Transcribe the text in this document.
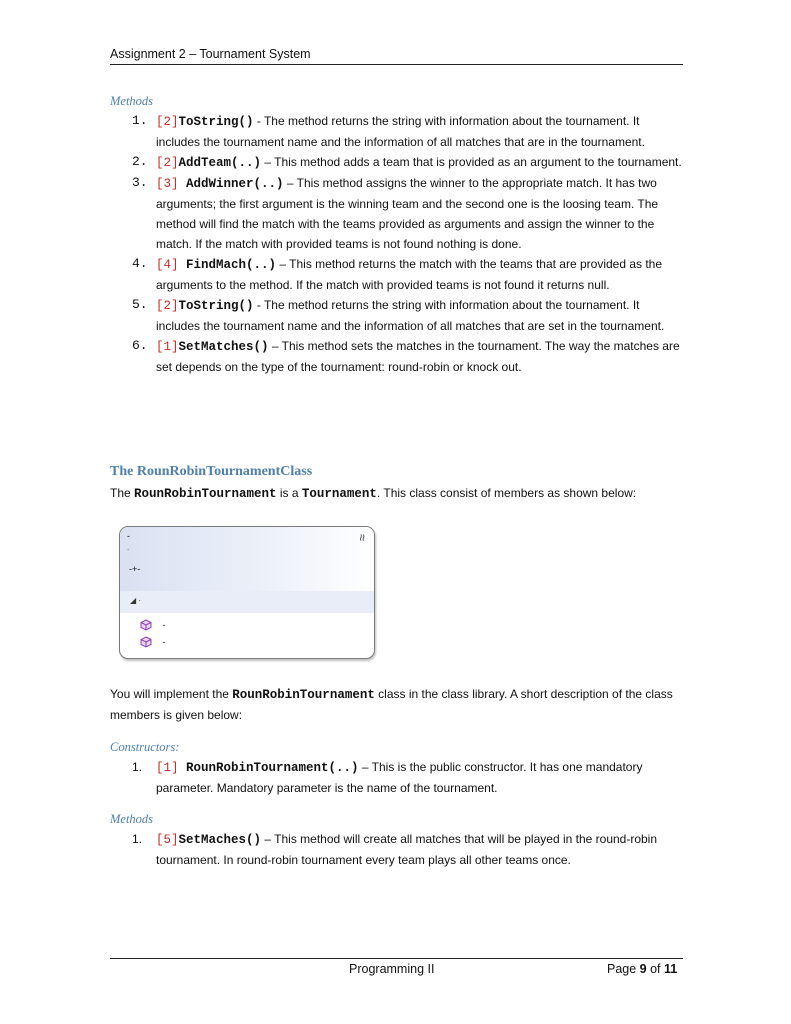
Assignment 2 – Tournament System
Methods
1. [2]ToString() - The method returns the string with information about the tournament. It includes the tournament name and the information of all matches that are in the tournament.
2. [2]AddTeam(..) – This method adds a team that is provided as an argument to the tournament.
3. [3] AddWinner(..) – This method assigns the winner to the appropriate match. It has two arguments; the first argument is the winning team and the second one is the loosing team. The method will find the match with the teams provided as arguments and assign the winner to the match. If the match with provided teams is not found nothing is done.
4. [4] FindMach(..) – This method returns the match with the teams that are provided as the arguments to the method. If the match with provided teams is not found it returns null.
5. [2]ToString() - The method returns the string with information about the tournament. It includes the tournament name and the information of all matches that are set in the tournament.
6. [1]SetMatches() – This method sets the matches in the tournament. The way the matches are set depends on the type of the tournament: round-robin or knock out.
The RounRobinTournamentClass
The RounRobinTournament is a Tournament. This class consist of members as shown below:
-
-
≈
-+-
◢ ·
-
-
You will implement the RounRobinTournament class in the class library. A short description of the class members is given below:
Constructors:
1. [1] RounRobinTournament(..) – This is the public constructor. It has one mandatory parameter. Mandatory parameter is the name of the tournament.
Methods
1. [5]SetMaches() – This method will create all matches that will be played in the round-robin tournament. In round-robin tournament every team plays all other teams once.
Programming II	Page 9 of 11
